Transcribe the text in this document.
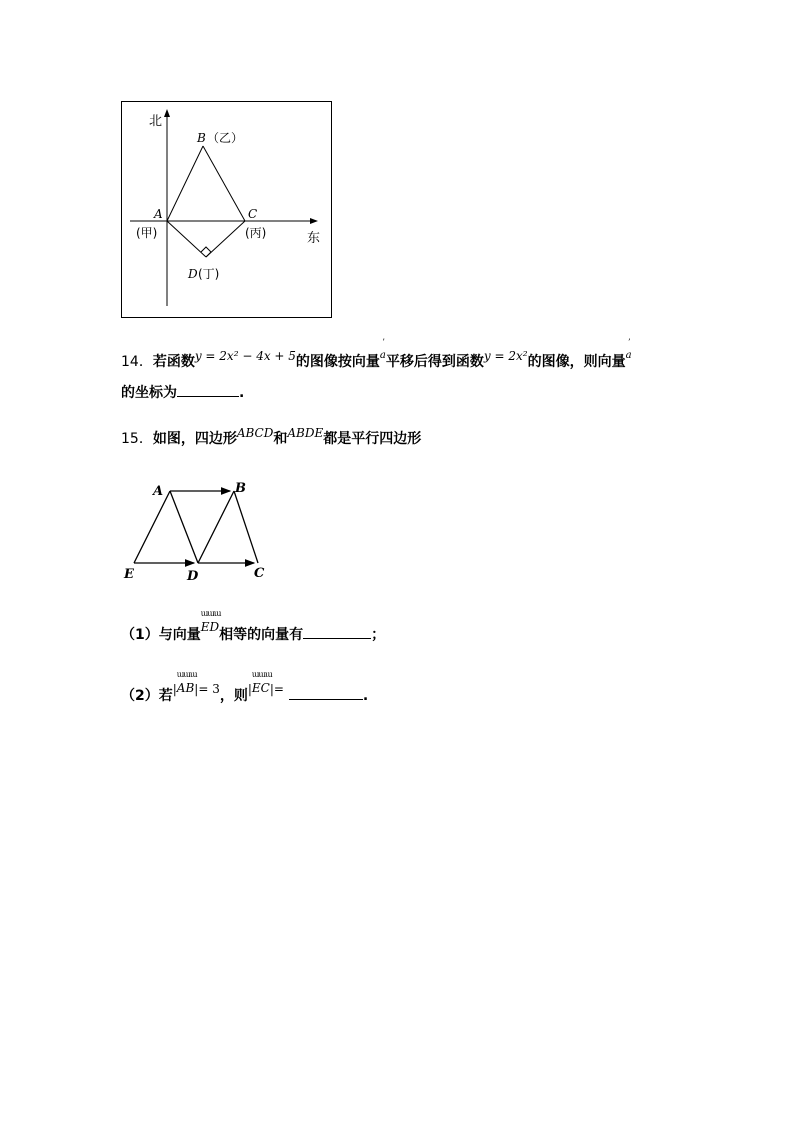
北
东
A
(甲)
B （乙）
C
(丙)
D (丁)
14．若函数y = 2x² − 4x + 5的图像按向量
ʼ
a平移后得到函数y = 2x²的图像，则向量
ʼ
a
的坐标为	.
15．如图，四边形ABCD和ABDE都是平行四边形
A	B
C
D
E
（1）与向量
ɯɯɯ
ED相等的向量有	；
（2）若|
ɯɯɯ
AB|= 3，则|
ɯɯɯ
EC|=	.
